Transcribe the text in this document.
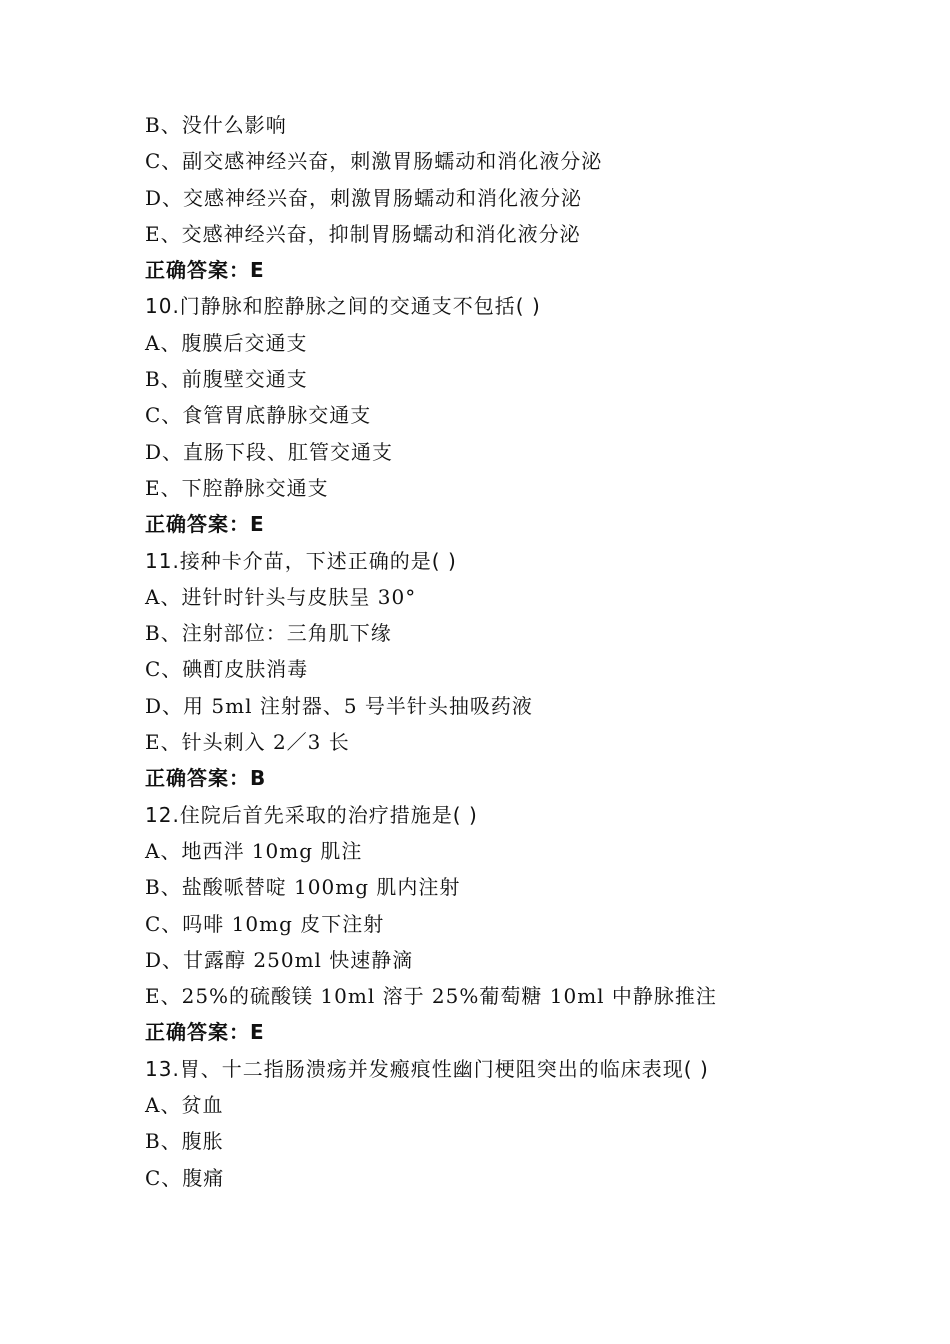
B、没什么影响
C、副交感神经兴奋，刺激胃肠蠕动和消化液分泌
D、交感神经兴奋，刺激胃肠蠕动和消化液分泌
E、交感神经兴奋，抑制胃肠蠕动和消化液分泌
正确答案：E
10.门静脉和腔静脉之间的交通支不包括( )
A、腹膜后交通支
B、前腹壁交通支
C、食管胃底静脉交通支
D、直肠下段、肛管交通支
E、下腔静脉交通支
正确答案：E
11.接种卡介苗，下述正确的是( )
A、进针时针头与皮肤呈 30°
B、注射部位：三角肌下缘
C、碘酊皮肤消毒
D、用 5ml 注射器、5 号半针头抽吸药液
E、针头刺入 2／3 长
正确答案：B
12.住院后首先采取的治疗措施是( )
A、地西泮 10mg 肌注
B、盐酸哌替啶 100mg 肌内注射
C、吗啡 10mg 皮下注射
D、甘露醇 250ml 快速静滴
E、25%的硫酸镁 10ml 溶于 25%葡萄糖 10ml 中静脉推注
正确答案：E
13.胃、十二指肠溃疡并发瘢痕性幽门梗阻突出的临床表现( )
A、贫血
B、腹胀
C、腹痛
